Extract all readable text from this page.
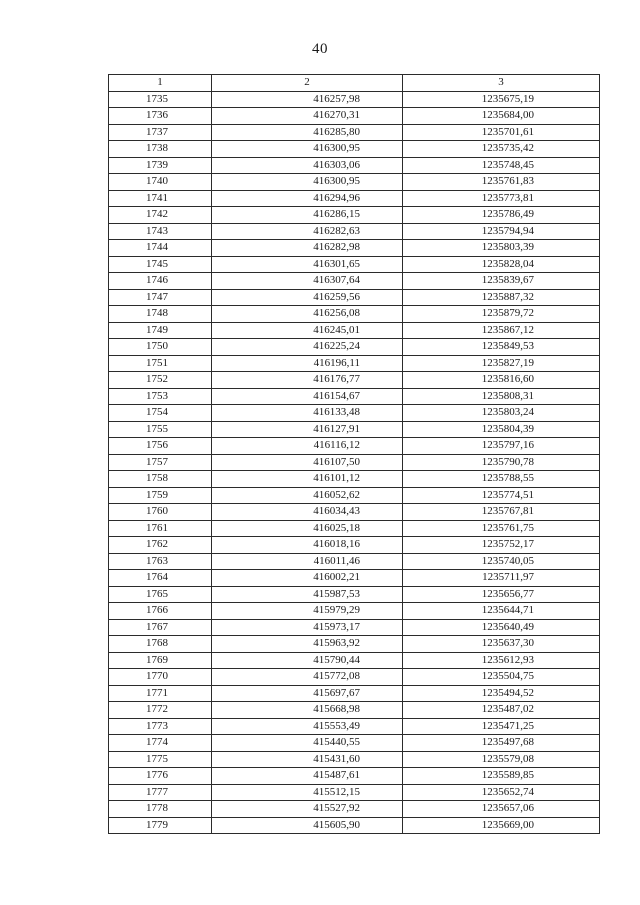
40
1	2	3
1735	416257,98	1235675,19
1736	416270,31	1235684,00
1737	416285,80	1235701,61
1738	416300,95	1235735,42
1739	416303,06	1235748,45
1740	416300,95	1235761,83
1741	416294,96	1235773,81
1742	416286,15	1235786,49
1743	416282,63	1235794,94
1744	416282,98	1235803,39
1745	416301,65	1235828,04
1746	416307,64	1235839,67
1747	416259,56	1235887,32
1748	416256,08	1235879,72
1749	416245,01	1235867,12
1750	416225,24	1235849,53
1751	416196,11	1235827,19
1752	416176,77	1235816,60
1753	416154,67	1235808,31
1754	416133,48	1235803,24
1755	416127,91	1235804,39
1756	416116,12	1235797,16
1757	416107,50	1235790,78
1758	416101,12	1235788,55
1759	416052,62	1235774,51
1760	416034,43	1235767,81
1761	416025,18	1235761,75
1762	416018,16	1235752,17
1763	416011,46	1235740,05
1764	416002,21	1235711,97
1765	415987,53	1235656,77
1766	415979,29	1235644,71
1767	415973,17	1235640,49
1768	415963,92	1235637,30
1769	415790,44	1235612,93
1770	415772,08	1235504,75
1771	415697,67	1235494,52
1772	415668,98	1235487,02
1773	415553,49	1235471,25
1774	415440,55	1235497,68
1775	415431,60	1235579,08
1776	415487,61	1235589,85
1777	415512,15	1235652,74
1778	415527,92	1235657,06
1779	415605,90	1235669,00
